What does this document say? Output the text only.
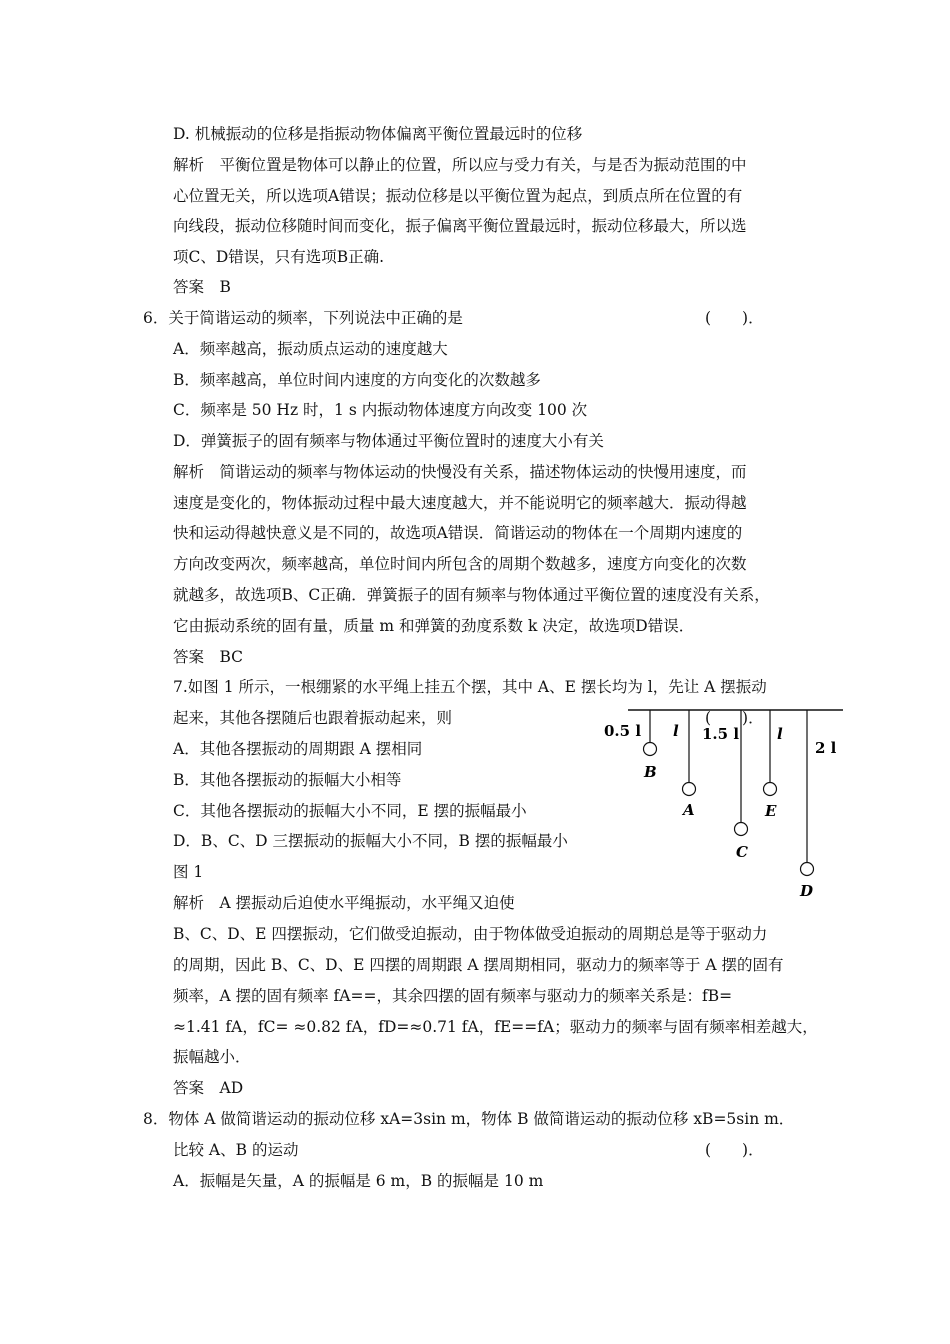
D. 机械振动的位移是指振动物体偏离平衡位置最远时的位移
解析　平衡位置是物体可以静止的位置，所以应与受力有关，与是否为振动范围的中
心位置无关，所以选项A错误；振动位移是以平衡位置为起点，到质点所在位置的有
向线段，振动位移随时间而变化，振子偏离平衡位置最远时，振动位移最大，所以选
项C、D错误，只有选项B正确.
答案　B
6．关于简谐运动的频率，下列说法中正确的是	(　　)．
A．频率越高，振动质点运动的速度越大
B．频率越高，单位时间内速度的方向变化的次数越多
C．频率是 50 Hz 时，1 s 内振动物体速度方向改变 100 次
D．弹簧振子的固有频率与物体通过平衡位置时的速度大小有关
解析　简谐运动的频率与物体运动的快慢没有关系，描述物体运动的快慢用速度，而
速度是变化的，物体振动过程中最大速度越大，并不能说明它的频率越大．振动得越
快和运动得越快意义是不同的，故选项A错误．简谐运动的物体在一个周期内速度的
方向改变两次，频率越高，单位时间内所包含的周期个数越多，速度方向变化的次数
就越多，故选项B、C正确．弹簧振子的固有频率与物体通过平衡位置的速度没有关系，
它由振动系统的固有量，质量 m 和弹簧的劲度系数 k 决定，故选项D错误．
答案　BC
7.如图 1 所示，一根绷紧的水平绳上挂五个摆，其中 A、E 摆长均为 l，先让 A 摆振动
起来，其他各摆随后也跟着振动起来，则	(　　)．
A．其他各摆振动的周期跟 A 摆相同
B．其他各摆振动的振幅大小相等
C．其他各摆振动的振幅大小不同，E 摆的振幅最小
D．B、C、D 三摆振动的振幅大小不同，B 摆的振幅最小
图 1
解析　A 摆振动后迫使水平绳振动，水平绳又迫使
B、C、D、E 四摆振动，它们做受迫振动，由于物体做受迫振动的周期总是等于驱动力
的周期，因此 B、C、D、E 四摆的周期跟 A 摆周期相同，驱动力的频率等于 A 摆的固有
频率，A 摆的固有频率 fA==，其余四摆的固有频率与驱动力的频率关系是：fB=
≈1.41 fA，fC= ≈0.82 fA，fD=≈0.71 fA，fE==fA；驱动力的频率与固有频率相差越大，
振幅越小．
答案　AD
8．物体 A 做简谐运动的振动位移 xA=3sin m，物体 B 做简谐运动的振动位移 xB=5sin m．
比较 A、B 的运动	(　　)．
A．振幅是矢量，A 的振幅是 6 m，B 的振幅是 10 m
0.5 l l 1.5 l	l
2 l
B
A
C
E
D
